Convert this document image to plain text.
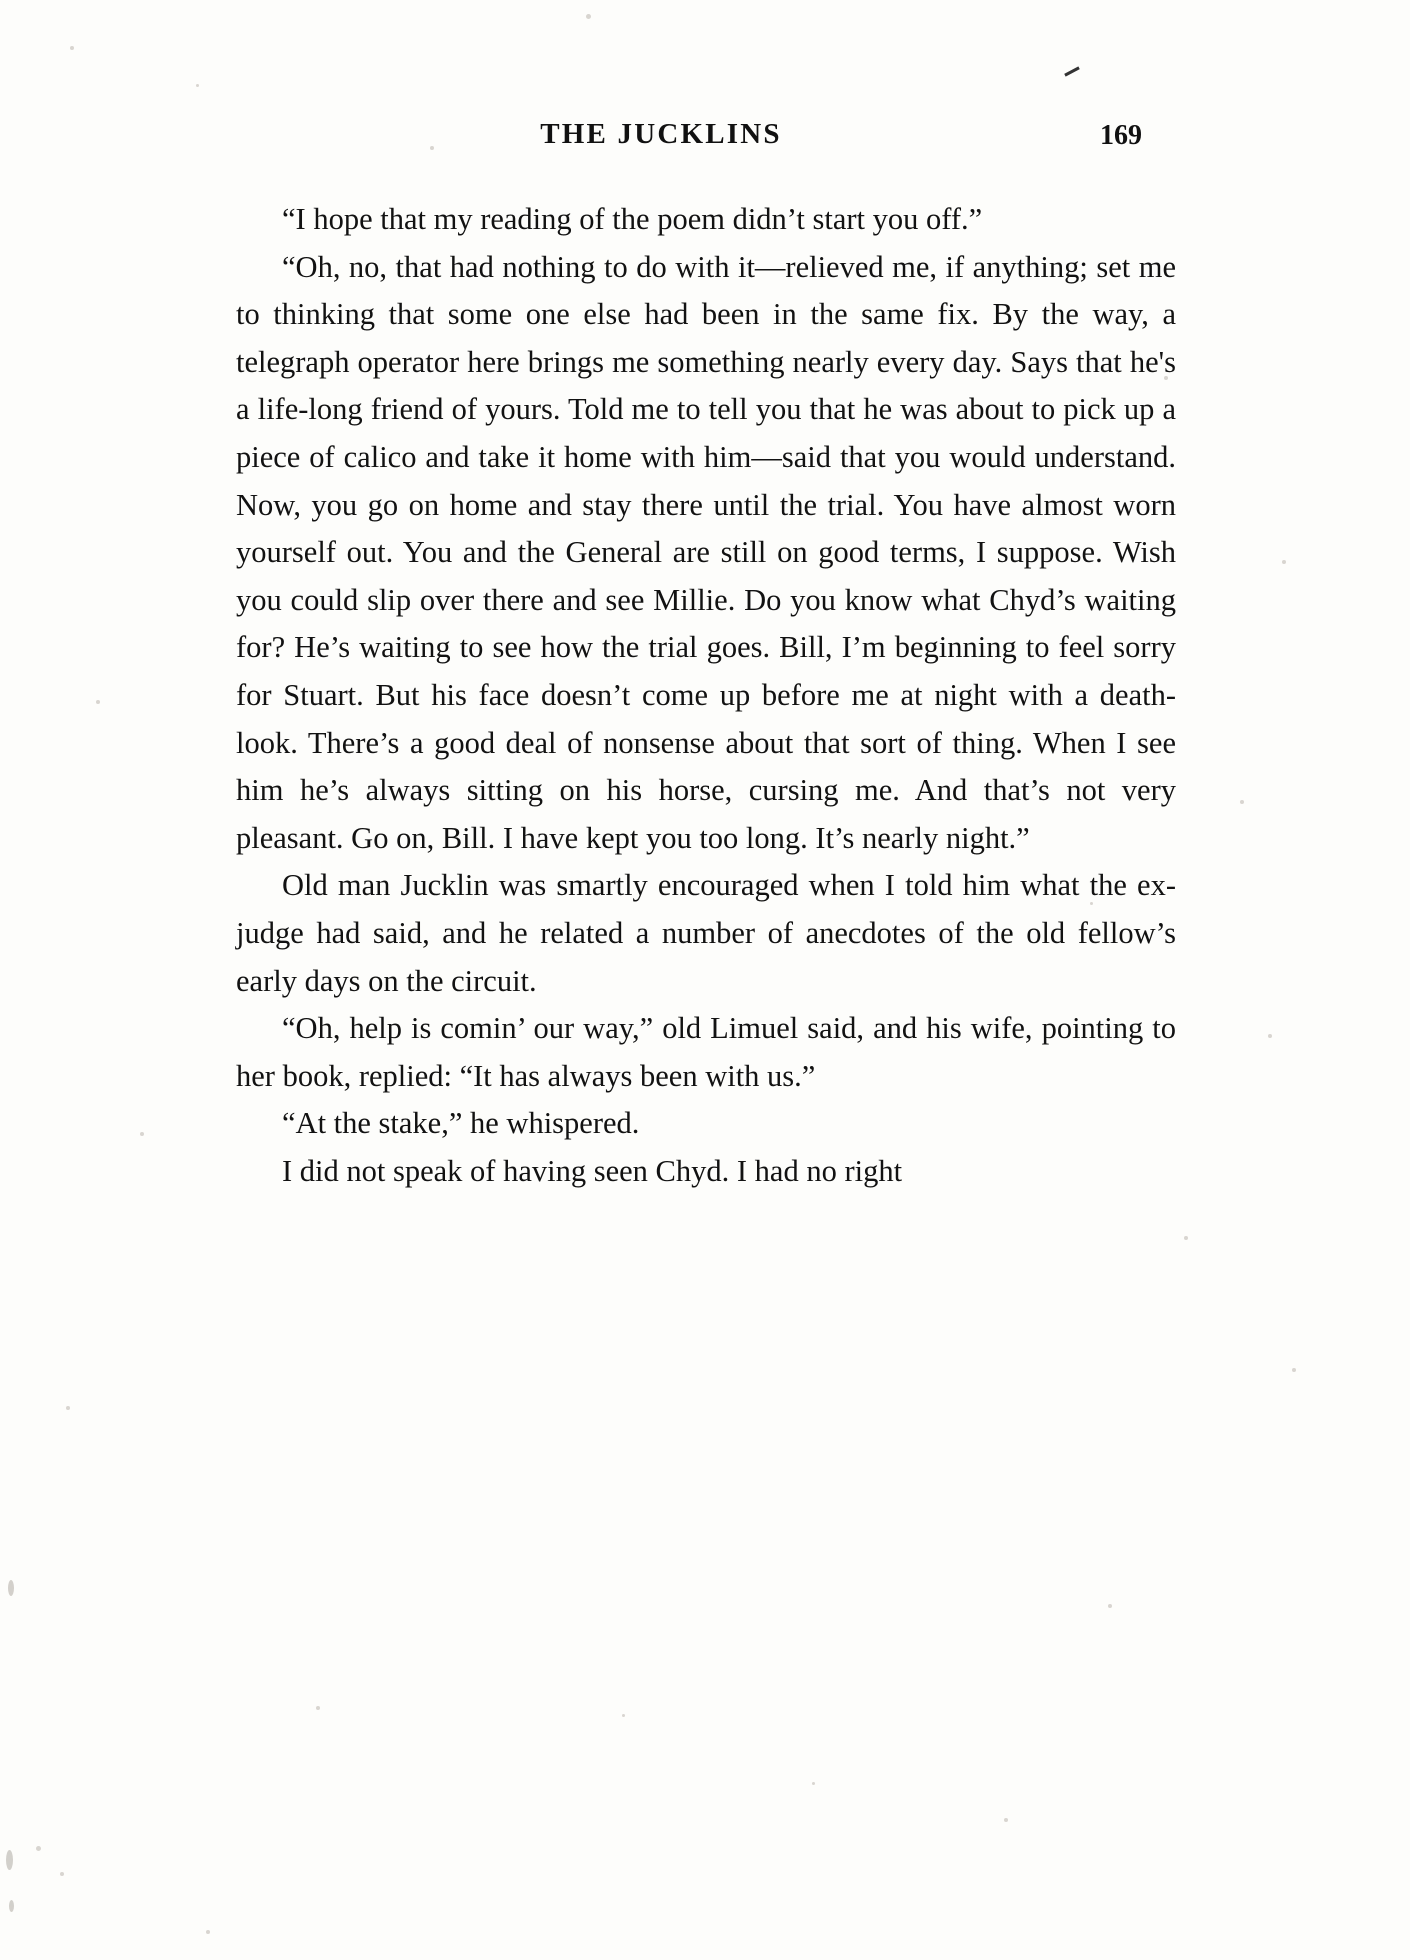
THE JUCKLINS	169

“I hope that my reading of the poem didn’t start you off.”

“Oh, no, that had nothing to do with it—relieved me, if anything; set me to thinking that some one else had been in the same fix. By the way, a telegraph operator here brings me something nearly every day. Says that he's a life-long friend of yours. Told me to tell you that he was about to pick up a piece of calico and take it home with him—said that you would understand. Now, you go on home and stay there until the trial. You have almost worn yourself out. You and the General are still on good terms, I suppose. Wish you could slip over there and see Millie. Do you know what Chyd’s waiting for? He’s waiting to see how the trial goes. Bill, I’m beginning to feel sorry for Stuart. But his face doesn’t come up before me at night with a death-look. There’s a good deal of nonsense about that sort of thing. When I see him he’s always sitting on his horse, cursing me. And that’s not very pleasant. Go on, Bill. I have kept you too long. It’s nearly night.”

Old man Jucklin was smartly encouraged when I told him what the ex-judge had said, and he related a number of anecdotes of the old fellow’s early days on the circuit.

“Oh, help is comin’ our way,” old Limuel said, and his wife, pointing to her book, replied: “It has always been with us.”

“At the stake,” he whispered.

I did not speak of having seen Chyd. I had no right
